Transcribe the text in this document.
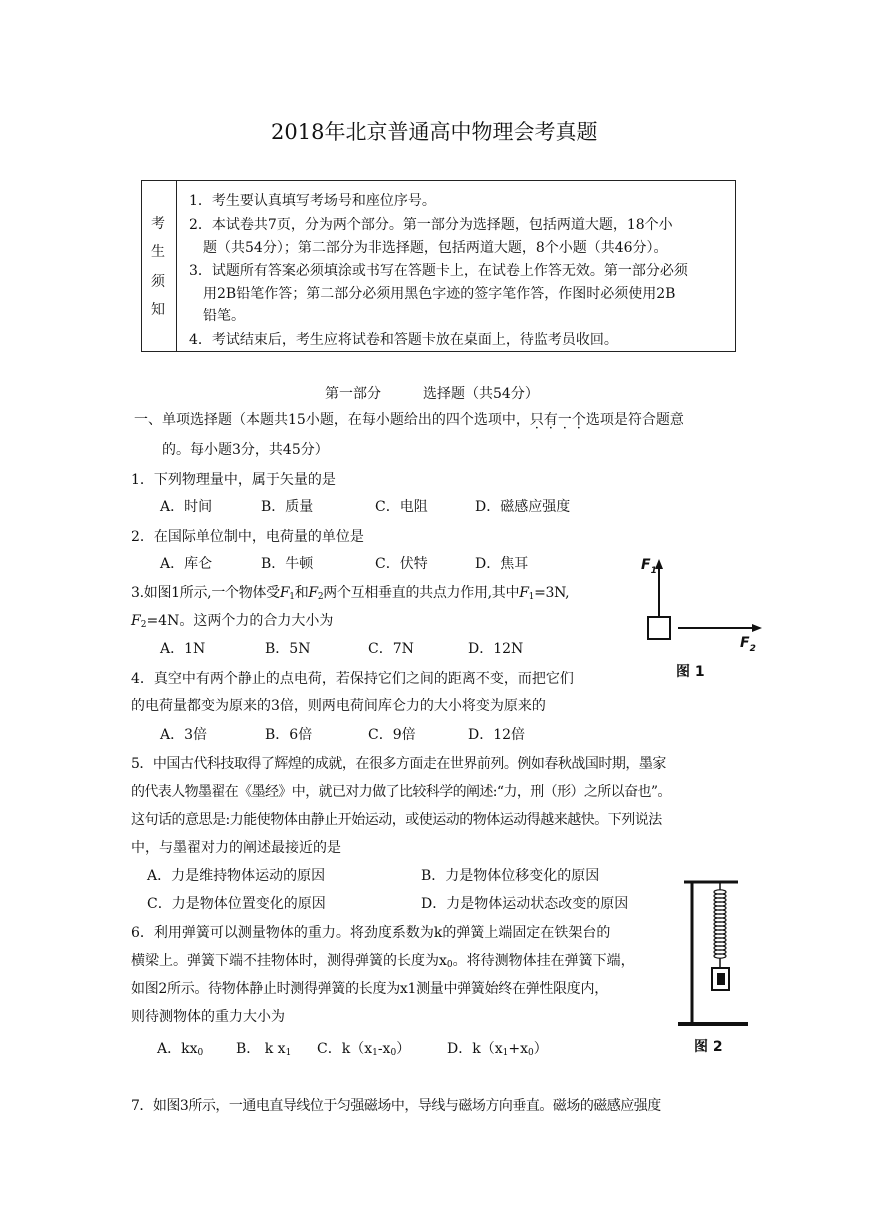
2018年北京普通高中物理会考真题
考
生
须
知
1．考生要认真填写考场号和座位序号。
2．本试卷共7页，分为两个部分。第一部分为选择题，包括两道大题，18个小
题（共54分）；第二部分为非选择题，包括两道大题，8个小题（共46分）。
3．试题所有答案必须填涂或书写在答题卡上，在试卷上作答无效。第一部分必须
用2B铅笔作答；第二部分必须用黑色字迹的签字笔作答，作图时必须使用2B
铅笔。
4．考试结束后，考生应将试卷和答题卡放在桌面上，待监考员收回。
第一部分　　　选择题（共54分）
一、单项选择题（本题共15小题，在每小题给出的四个选项中，只有一个选项是符合题意
的。每小题3分，共45分）
1．下列物理量中，属于矢量的是
A．时间	B．质量	C．电阻	D．磁感应强度
2．在国际单位制中，电荷量的单位是
A．库仑	B．牛顿	C．伏特	D．焦耳
3.如图1所示,一个物体受$F_1$和$F_2$两个互相垂直的共点力作用,其中$F_1=3N$,
$F_2=4N$。这两个力的合力大小为
A．1N	B．5N	C．7N	D．12N
$F_1$
$F_2$
图 1
4．真空中有两个静止的点电荷，若保持它们之间的距离不变，而把它们
的电荷量都变为原来的3倍，则两电荷间库仑力的大小将变为原来的
A．3倍	B．6倍	C．9倍	D．12倍
5．中国古代科技取得了辉煌的成就，在很多方面走在世界前列。例如春秋战国时期，墨家
的代表人物墨翟在《墨经》中，就已对力做了比较科学的阐述:“力，刑（形）之所以奋也”。
这句话的意思是:力能使物体由静止开始运动，或使运动的物体运动得越来越快。下列说法
中，与墨翟对力的阐述最接近的是
A．力是维持物体运动的原因	B．力是物体位移变化的原因
C．力是物体位置变化的原因	D．力是物体运动状态改变的原因
图 2
6．利用弹簧可以测量物体的重力。将劲度系数为k的弹簧上端固定在铁架台的
横梁上。弹簧下端不挂物体时，测得弹簧的长度为$x_0$。将待测物体挂在弹簧下端，
如图2所示。待物体静止时测得弹簧的长度为x1测量中弹簧始终在弹性限度内，
则待测物体的重力大小为
A．$kx_0$ B． k $x_1$ C．$k(x_1-x_0)$	D．$k(x_1+x_0)$
7．如图3所示，一通电直导线位于匀强磁场中，导线与磁场方向垂直。磁场的磁感应强度
